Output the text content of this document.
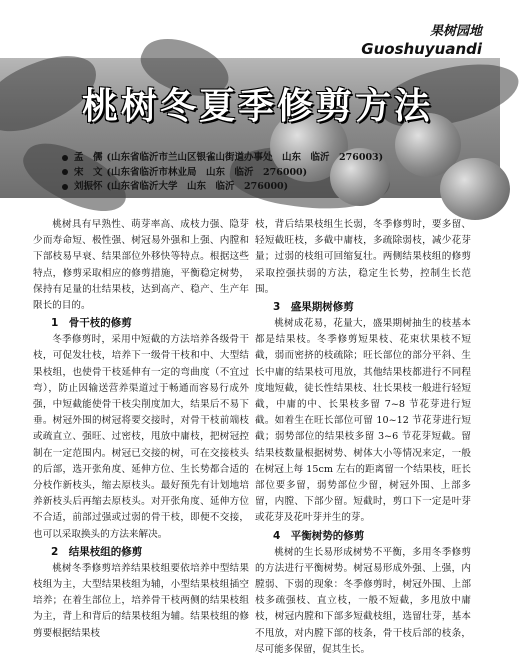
果树园地
Guoshuyuandi
桃树冬夏季修剪方法
孟　儒 (山东省临沂市兰山区银雀山街道办事处　山东　临沂　276003)
宋　文 (山东省临沂市林业局　山东　临沂　276000)
刘振怀 (山东省临沂大学　山东　临沂　276000)

桃树具有早熟性、萌芽率高、成枝力强、隐芽少而寿命短、极性强、树冠易外强和上强、内膛和下部枝易早衰、结果部位外移快等特点。根据这些特点，修剪采取相应的修剪措施，平衡稳定树势，保持有足量的壮结果枝，达到高产、稳产、生产年限长的目的。

1　骨干枝的修剪

冬季修剪时，采用中短截的方法培养各级骨干枝，可促发壮枝，培养下一级骨干枝和中、大型结果枝组，也使骨干枝延伸有一定的弯曲度（不宜过弯），防止因输送营养渠道过于畅通而容易行成外强，中短截能使骨干枝尖削度加大，结果后不易下垂。树冠外围的树冠将要交接时，对骨干枝前端枝或疏直立、强旺、过密枝，甩放中庸枝，把树冠控制在一定范围内。树冠已交接的树，可在交接枝头的后部，选开张角度、延伸方位、生长势都合适的分枝作新枝头，缩去原枝头。最好预先有计划地培养新枝头后再缩去原枝头。对开张角度、延伸方位不合适，前部过强或过弱的骨干枝，即便不交接，也可以采取换头的方法来解决。

2　结果枝组的修剪

桃树冬季修剪培养结果枝组要依培养中型结果枝组为主，大型结果枝组为辅，小型结果枝组插空培养；在着生部位上，培养骨干枝两侧的结果枝组为主，背上和背后的结果枝组为辅。结果枝组的修剪要根据结果枝

枝，背后结果枝组生长弱，冬季修剪时，要多留、轻短截旺枝，多截中庸枝，多疏除弱枝，减少花芽量；过弱的枝组可回缩复壮。两侧结果枝组的修剪采取控强扶弱的方法，稳定生长势，控制生长范围。

3　盛果期树修剪

桃树成花易，花量大，盛果期树抽生的枝基本都是结果枝。冬季修剪短果枝、花束状果枝不短截，弱而密挤的枝疏除；旺长部位的部分平斜、生长中庸的结果枝可甩放，其他结果枝都进行不同程度地短截，徒长性结果枝、壮长果枝一般进行轻短截，中庸的中、长果枝多留 7~8 节花芽进行短截。如着生在旺长部位可留 10~12 节花芽进行短截；弱势部位的结果枝多留 3~6 节花芽短截。留结果枝数量根据树势、树体大小等情况来定，一般在树冠上每 15cm 左右的距离留一个结果枝，旺长部位要多留，弱势部位少留，树冠外围、上部多留，内膛、下部少留。短截时，剪口下一定是叶芽或花芽及花叶芽并生的芽。

4　平衡树势的修剪

桃树的生长易形成树势不平衡，多用冬季修剪的方法进行平衡树势。树冠易形成外强、上强，内膛弱、下弱的现象：冬季修剪时，树冠外围、上部枝多疏强枝、直立枝，一般不短截，多甩放中庸枝，树冠内膛和下部多短截枝组，选留壮芽，基本不甩放，对内膛下部的枝条，骨干枝后部的枝条，尽可能多保留，促其生长。
